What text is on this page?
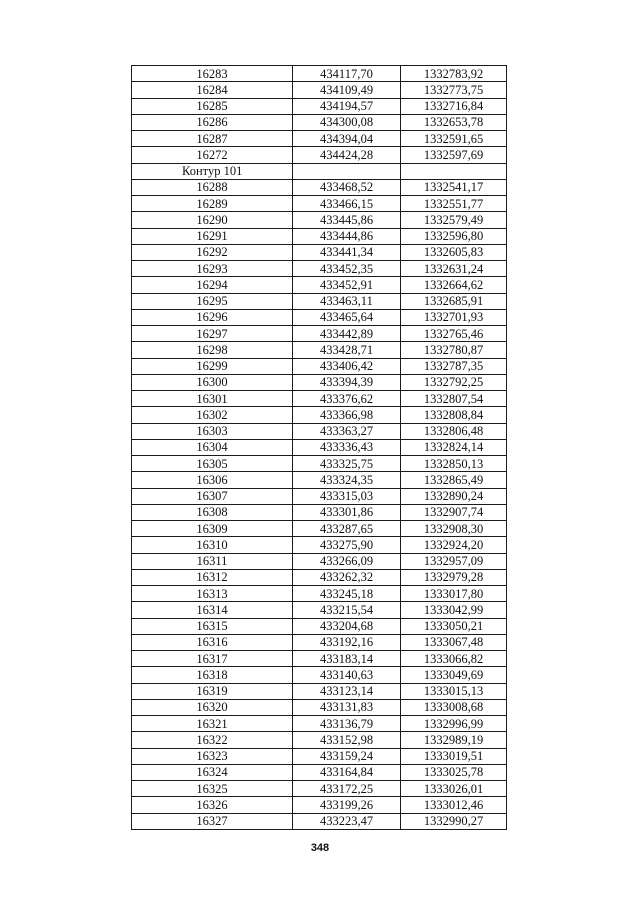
16283	434117,70	1332783,92
16284	434109,49	1332773,75
16285	434194,57	1332716,84
16286	434300,08	1332653,78
16287	434394,04	1332591,65
16272	434424,28	1332597,69
Контур 101		
16288	433468,52	1332541,17
16289	433466,15	1332551,77
16290	433445,86	1332579,49
16291	433444,86	1332596,80
16292	433441,34	1332605,83
16293	433452,35	1332631,24
16294	433452,91	1332664,62
16295	433463,11	1332685,91
16296	433465,64	1332701,93
16297	433442,89	1332765,46
16298	433428,71	1332780,87
16299	433406,42	1332787,35
16300	433394,39	1332792,25
16301	433376,62	1332807,54
16302	433366,98	1332808,84
16303	433363,27	1332806,48
16304	433336,43	1332824,14
16305	433325,75	1332850,13
16306	433324,35	1332865,49
16307	433315,03	1332890,24
16308	433301,86	1332907,74
16309	433287,65	1332908,30
16310	433275,90	1332924,20
16311	433266,09	1332957,09
16312	433262,32	1332979,28
16313	433245,18	1333017,80
16314	433215,54	1333042,99
16315	433204,68	1333050,21
16316	433192,16	1333067,48
16317	433183,14	1333066,82
16318	433140,63	1333049,69
16319	433123,14	1333015,13
16320	433131,83	1333008,68
16321	433136,79	1332996,99
16322	433152,98	1332989,19
16323	433159,24	1333019,51
16324	433164,84	1333025,78
16325	433172,25	1333026,01
16326	433199,26	1333012,46
16327	433223,47	1332990,27
348
